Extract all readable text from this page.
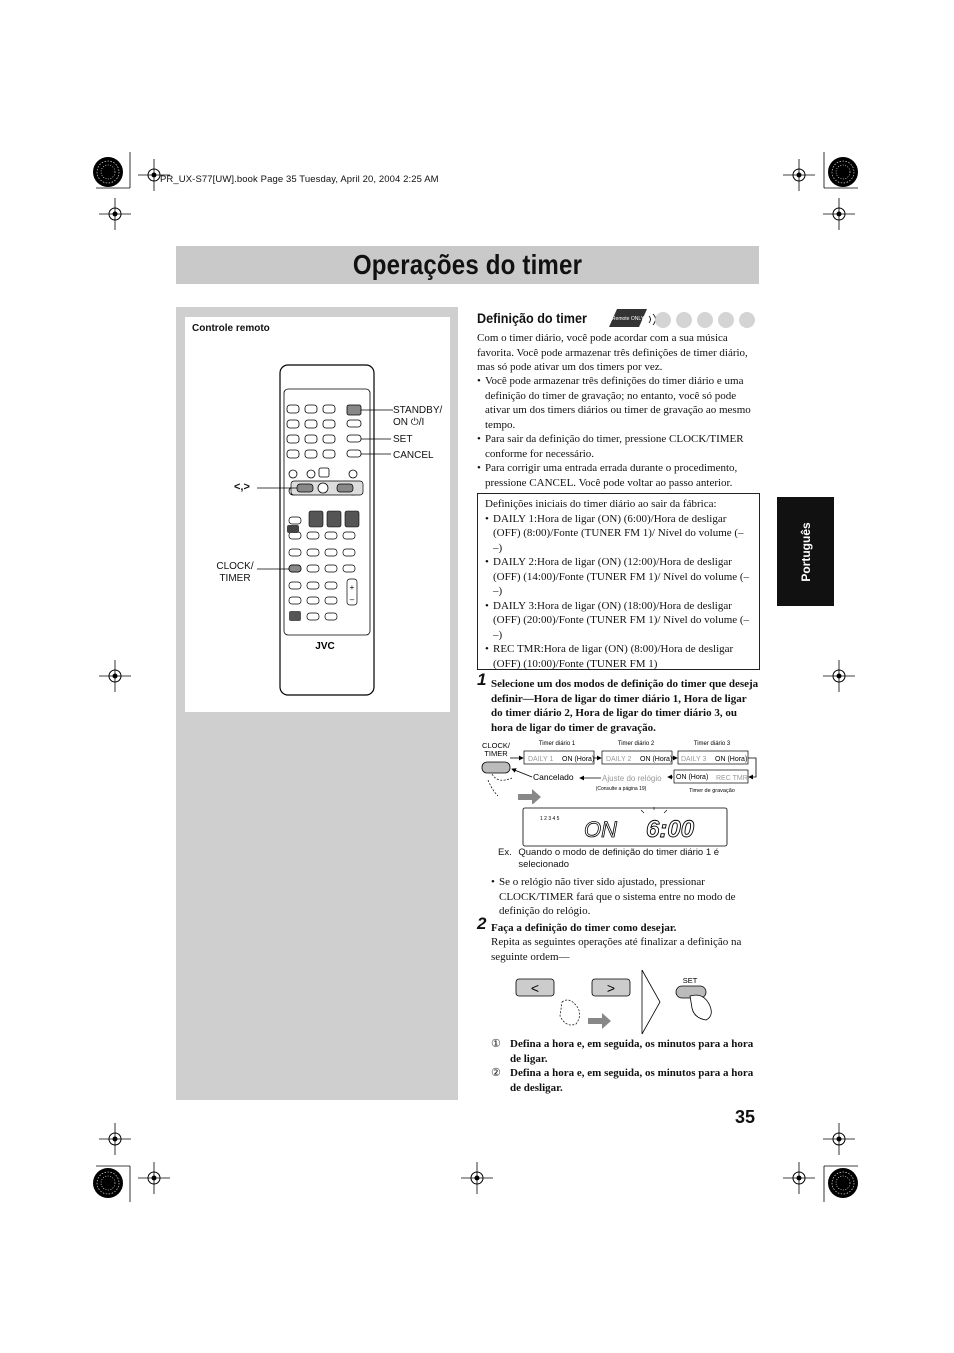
PR_UX-S77[UW].book Page 35 Tuesday, April 20, 2004 2:25 AM
Operações do timer
Controle remoto
+
–
JVC
STANDBY/
ON ⏻/I
SET
CANCEL
<,>
CLOCK/
TIMER
Definição do timer	Remote ONLY
Com o timer diário, você pode acordar com a sua música favorita. Você pode armazenar três definições de timer diário, mas só pode ativar um dos timers por vez.
• Você pode armazenar três definições do timer diário e uma definição do timer de gravação; no entanto, você só pode ativar um dos timers diários ou timer de gravação ao mesmo tempo.
• Para sair da definição do timer, pressione CLOCK/TIMER conforme for necessário.
• Para corrigir uma entrada errada durante o procedimento, pressione CANCEL. Você pode voltar ao passo anterior.
Definições iniciais do timer diário ao sair da fábrica:
• DAILY 1:Hora de ligar (ON) (6:00)/Hora de desligar (OFF) (8:00)/Fonte (TUNER FM 1)/ Nível do volume (– –)
• DAILY 2:Hora de ligar (ON) (12:00)/Hora de desligar (OFF) (14:00)/Fonte (TUNER FM 1)/ Nível do volume (– –)
• DAILY 3:Hora de ligar (ON) (18:00)/Hora de desligar (OFF) (20:00)/Fonte (TUNER FM 1)/ Nível do volume (– –)
• REC TMR:Hora de ligar (ON) (8:00)/Hora de desligar (OFF) (10:00)/Fonte (TUNER FM 1)
1 Selecione um dos modos de definição do timer que deseja definir—Hora de ligar do timer diário 1, Hora de ligar do timer diário 2, Hora de ligar do timer diário 3, ou hora de ligar do timer de gravação.
CLOCK/ TIMER
Timer diário 1	Timer diário 2	Timer diário 3
DAILY 1 ON (Hora) DAILY 2 ON (Hora) DAILY 3 ON (Hora)
ON (Hora) REC TMR
Timer de gravação
Ajuste do relógio
(Consulte a página 19)
Cancelado
1 2 3 4 5 ON 6:00
Ex. Quando o modo de definição do timer diário 1 é selecionado
• Se o relógio não tiver sido ajustado, pressionar CLOCK/TIMER fará que o sistema entre no modo de definição do relógio.
2 Faça a definição do timer como desejar.
Repita as seguintes operações até finalizar a definição na seguinte ordem—
<	>	SET
① Defina a hora e, em seguida, os minutos para a hora de ligar.
② Defina a hora e, em seguida, os minutos para a hora de desligar.
35
Português
